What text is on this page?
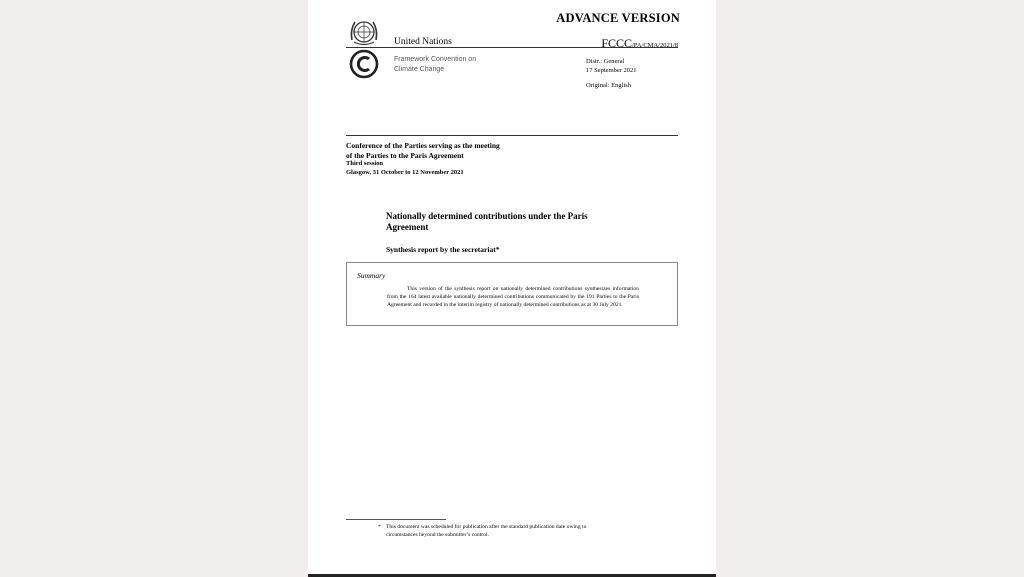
ADVANCE VERSION
United Nations	FCCC/PA/CMA/2021/8
Framework Convention on
Climate Change
Distr.: General
17 September 2021
Original: English
Conference of the Parties serving as the meeting
of the Parties to the Paris Agreement
Third session
Glasgow, 31 October to 12 November 2021
Nationally determined contributions under the Paris Agreement
Synthesis report by the secretariat*
Summary
This version of the synthesis report on nationally determined contributions synthesizes information from the 164 latest available nationally determined contributions communicated by the 191 Parties to the Paris Agreement and recorded in the interim registry of nationally determined contributions as at 30 July 2021.
* This document was scheduled for publication after the standard publication date owing to circumstances beyond the submitter’s control.
